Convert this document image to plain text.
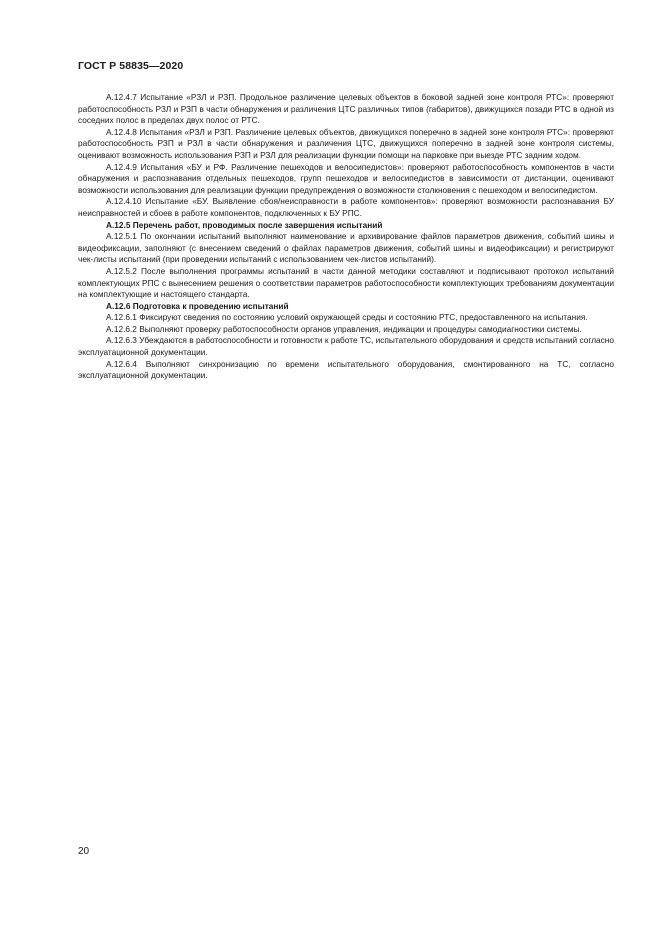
ГОСТ Р 58835—2020

А.12.4.7 Испытание «РЗЛ и РЗП. Продольное различение целевых объектов в боковой задней зоне контроля РТС»: проверяют работоспособность РЗЛ и РЗП в части обнаружения и различения ЦТС различных типов (габаритов), движущихся позади РТС в одной из соседних полос в пределах двух полос от РТС.

А.12.4.8 Испытания «РЗЛ и РЗП. Различение целевых объектов, движущихся поперечно в задней зоне контроля РТС»: проверяют работоспособность РЗП и РЗЛ в части обнаружения и различения ЦТС, движущихся поперечно в задней зоне контроля системы, оценивают возможность использования РЗП и РЗЛ для реализации функции помощи на парковке при выезде РТС задним ходом.

А.12.4.9 Испытания «БУ и РФ. Различение пешеходов и велосипедистов»: проверяют работоспособность компонентов в части обнаружения и распознавания отдельных пешеходов, групп пешеходов и велосипедистов в зависимости от дистанции, оценивают возможности использования для реализации функции предупреждения о возможности столкновения с пешеходом и велосипедистом.

А.12.4.10 Испытание «БУ. Выявление сбоя/неисправности в работе компонентов»: проверяют возможности распознавания БУ неисправностей и сбоев в работе компонентов, подключенных к БУ РПС.

А.12.5 Перечень работ, проводимых после завершения испытаний

А.12.5.1 По окончании испытаний выполняют наименование и архивирование файлов параметров движения, событий шины и видеофиксации, заполняют (с внесением сведений о файлах параметров движения, событий шины и видеофиксации) и регистрируют чек-листы испытаний (при проведении испытаний с использованием чек-листов испытаний).

А.12.5.2 После выполнения программы испытаний в части данной методики составляют и подписывают протокол испытаний комплектующих РПС с вынесением решения о соответствии параметров работоспособности комплектующих требованиям документации на комплектующие и настоящего стандарта.

А.12.6 Подготовка к проведению испытаний

А.12.6.1 Фиксируют сведения по состоянию условий окружающей среды и состоянию РТС, предоставленного на испытания.

А.12.6.2 Выполняют проверку работоспособности органов управления, индикации и процедуры самодиагностики системы.

А.12.6.3 Убеждаются в работоспособности и готовности к работе ТС, испытательного оборудования и средств испытаний согласно эксплуатационной документации.

А.12.6.4 Выполняют синхронизацию по времени испытательного оборудования, смонтированного на ТС, согласно эксплуатационной документации.

20
